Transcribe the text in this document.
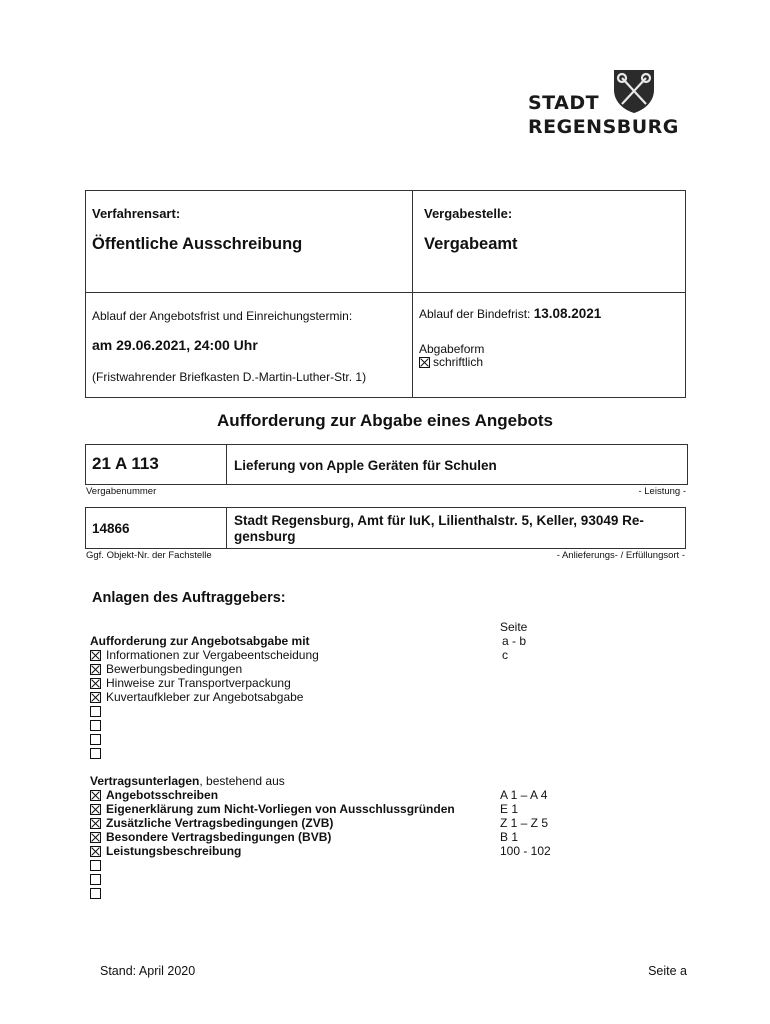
STADT
REGENSBURG
Verfahrensart:
Öffentliche Ausschreibung
Vergabestelle:
Vergabeamt
Ablauf der Angebotsfrist und Einreichungstermin:
am 29.06.2021, 24:00 Uhr
(Fristwahrender Briefkasten D.-Martin-Luther-Str. 1)
Ablauf der Bindefrist: 13.08.2021
Abgabeform
schriftlich
Aufforderung zur Abgabe eines Angebots
21 A 113	Lieferung von Apple Geräten für Schulen
Vergabenummer	- Leistung -
14866
Stadt Regensburg, Amt für IuK, Lilienthalstr. 5, Keller, 93049 Re-
gensburg
Ggf. Objekt-Nr. der Fachstelle	- Anlieferungs- / Erfüllungsort -
Anlagen des Auftraggebers:
Seite
Aufforderung zur Angebotsabgabe mit	a - b
Informationen zur Vergabeentscheidung	c
Bewerbungsbedingungen
Hinweise zur Transportverpackung
Kuvertaufkleber zur Angebotsabgabe
Vertragsunterlagen, bestehend aus
Angebotsschreiben	A 1 – A 4
Eigenerklärung zum Nicht-Vorliegen von Ausschlussgründen	E 1
Zusätzliche Vertragsbedingungen (ZVB)	Z 1 – Z 5
Besondere Vertragsbedingungen (BVB)	B 1
Leistungsbeschreibung	100 - 102
Stand: April 2020	Seite a
